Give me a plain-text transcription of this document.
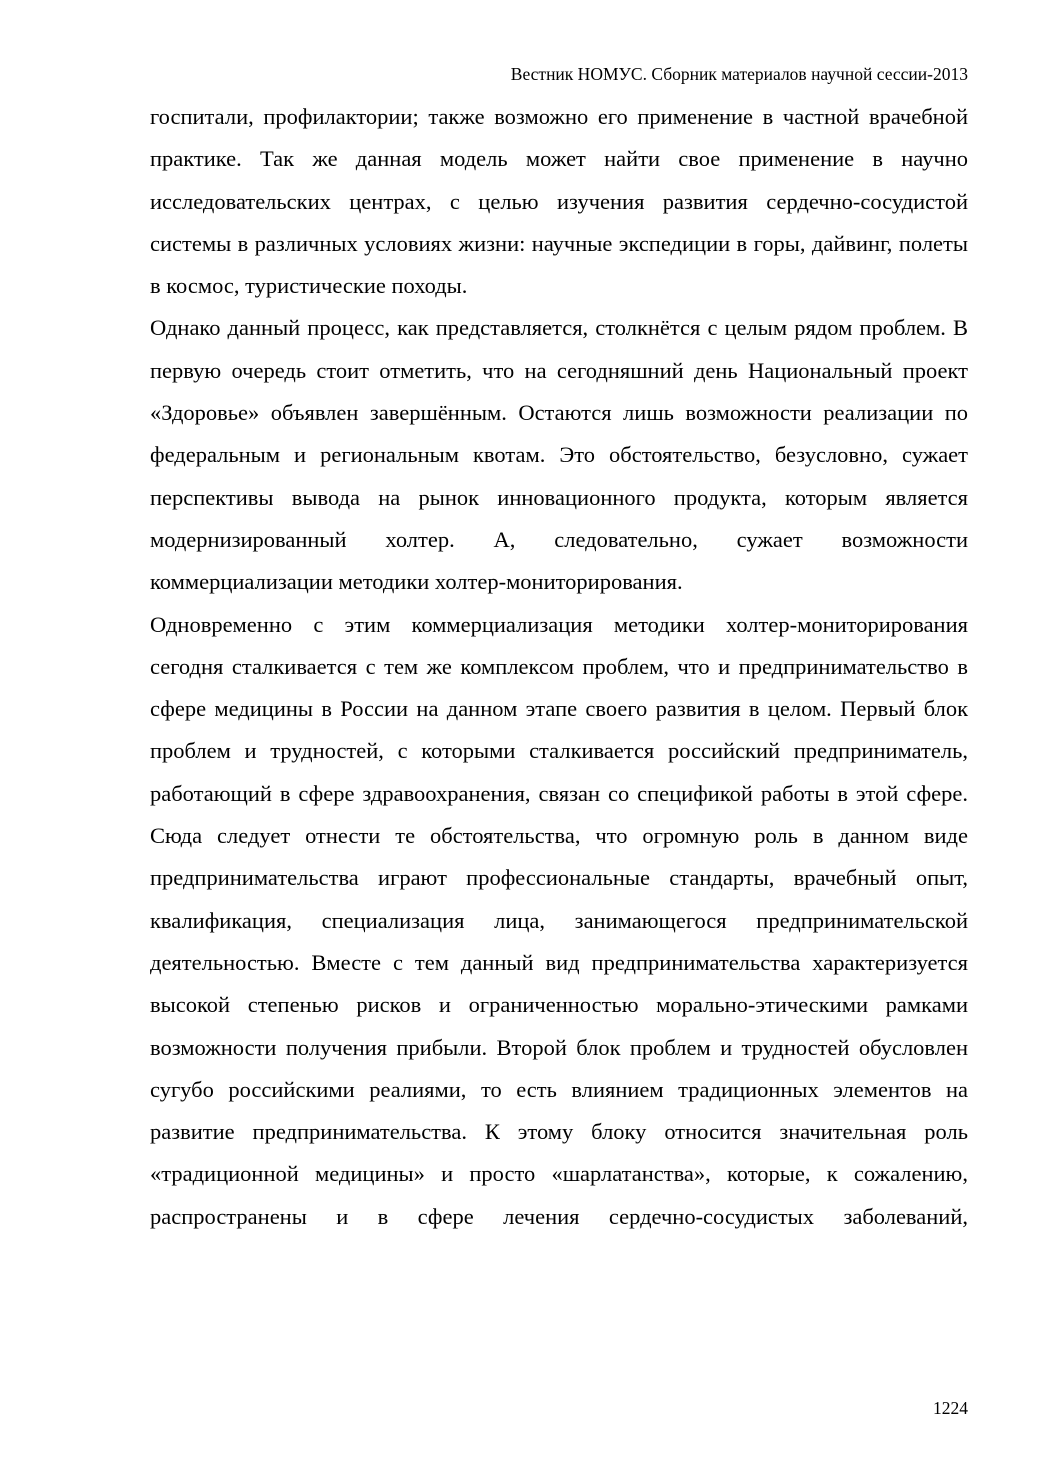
Вестник НОМУС. Сборник материалов научной сессии-2013

госпитали, профилактории; также возможно его применение в частной врачебной практике. Так же данная модель может найти свое применение в научно исследовательских центрах, с целью изучения развития сердечно-сосудистой системы в различных условиях жизни: научные экспедиции в горы, дайвинг, полеты в космос, туристические походы.

Однако данный процесс, как представляется, столкнётся с целым рядом проблем. В первую очередь стоит отметить, что на сегодняшний день Национальный проект «Здоровье» объявлен завершённым. Остаются лишь возможности реализации по федеральным и региональным квотам. Это обстоятельство, безусловно, сужает перспективы вывода на рынок инновационного продукта, которым является модернизированный холтер. А, следовательно, сужает возможности коммерциализации методики холтер-мониторирования.

Одновременно с этим коммерциализация методики холтер-мониторирования сегодня сталкивается с тем же комплексом проблем, что и предпринимательство в сфере медицины в России на данном этапе своего развития в целом. Первый блок проблем и трудностей, с которыми сталкивается российский предприниматель, работающий в сфере здравоохранения, связан со спецификой работы в этой сфере. Сюда следует отнести те обстоятельства, что огромную роль в данном виде предпринимательства играют профессиональные стандарты, врачебный опыт, квалификация, специализация лица, занимающегося предпринимательской деятельностью. Вместе с тем данный вид предпринимательства характеризуется высокой степенью рисков и ограниченностью морально-этическими рамками возможности получения прибыли. Второй блок проблем и трудностей обусловлен сугубо российскими реалиями, то есть влиянием традиционных элементов на развитие предпринимательства. К этому блоку относится значительная роль «традиционной медицины» и просто «шарлатанства», которые, к сожалению, распространены и в сфере лечения сердечно-сосудистых заболеваний,

1224
